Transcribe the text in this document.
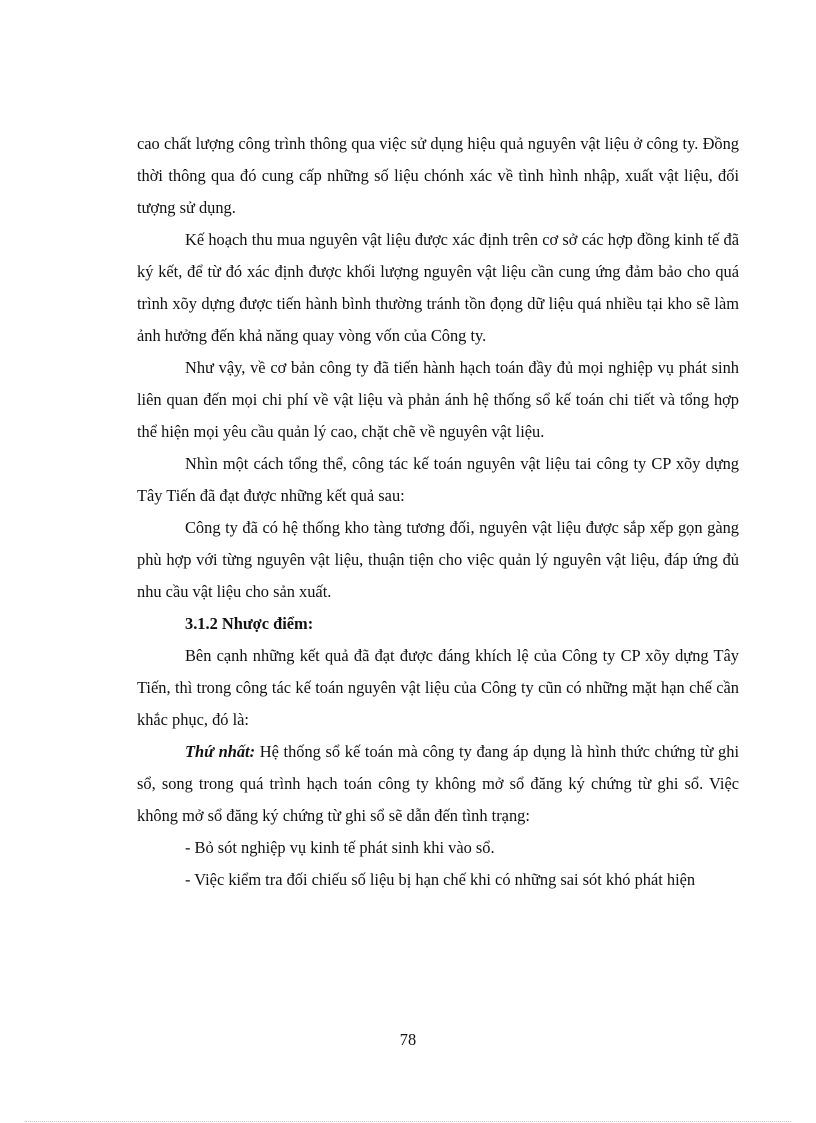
cao chất lượng công trình thông qua việc sử dụng hiệu quả nguyên vật liệu ở công ty. Đồng thời thông qua đó cung cấp những số liệu chónh xác về tình hình nhập, xuất vật liệu, đối tượng sử dụng.

Kế hoạch thu mua nguyên vật liệu được xác định trên cơ sở các hợp đồng kinh tế đã ký kết, để từ đó xác định được khối lượng nguyên vật liệu cần cung ứng đảm bảo cho quá trình xõy dựng được tiến hành bình thường tránh tồn đọng dữ liệu quá nhiều tại kho sẽ làm ảnh hưởng đến khả năng quay vòng vốn của Công ty.

Như vậy, về cơ bản công ty đã tiến hành hạch toán đầy đủ mọi nghiệp vụ phát sinh liên quan đến mọi chi phí về vật liệu và phản ánh hệ thống sổ kế toán chi tiết và tổng hợp thể hiện mọi yêu cầu quản lý cao, chặt chẽ về nguyên vật liệu.

Nhìn một cách tổng thể, công tác kế toán nguyên vật liệu tai công ty CP xõy dựng Tây Tiến đã đạt được những kết quả sau:

Công ty đã có hệ thống kho tàng tương đối, nguyên vật liệu được sắp xếp gọn gàng phù hợp với từng nguyên vật liệu, thuận tiện cho việc quản lý nguyên vật liệu, đáp ứng đủ nhu cầu vật liệu cho sản xuất.

3.1.2 Nhược điểm:

Bên cạnh những kết quả đã đạt được đáng khích lệ của Công ty CP xõy dựng Tây Tiến, thì trong công tác kế toán nguyên vật liệu của Công ty cũn có những mặt hạn chế cần khắc phục, đó là:

Thứ nhất: Hệ thống sổ kế toán mà công ty đang áp dụng là hình thức chứng từ ghi sổ, song trong quá trình hạch toán công ty không mở sổ đăng ký chứng từ ghi sổ. Việc không mở sổ đăng ký chứng từ ghi sổ sẽ dẫn đến tình trạng:

- Bỏ sót nghiệp vụ kinh tế phát sinh khi vào sổ.

- Việc kiểm tra đối chiếu số liệu bị hạn chế khi có những sai sót khó phát hiện

78
